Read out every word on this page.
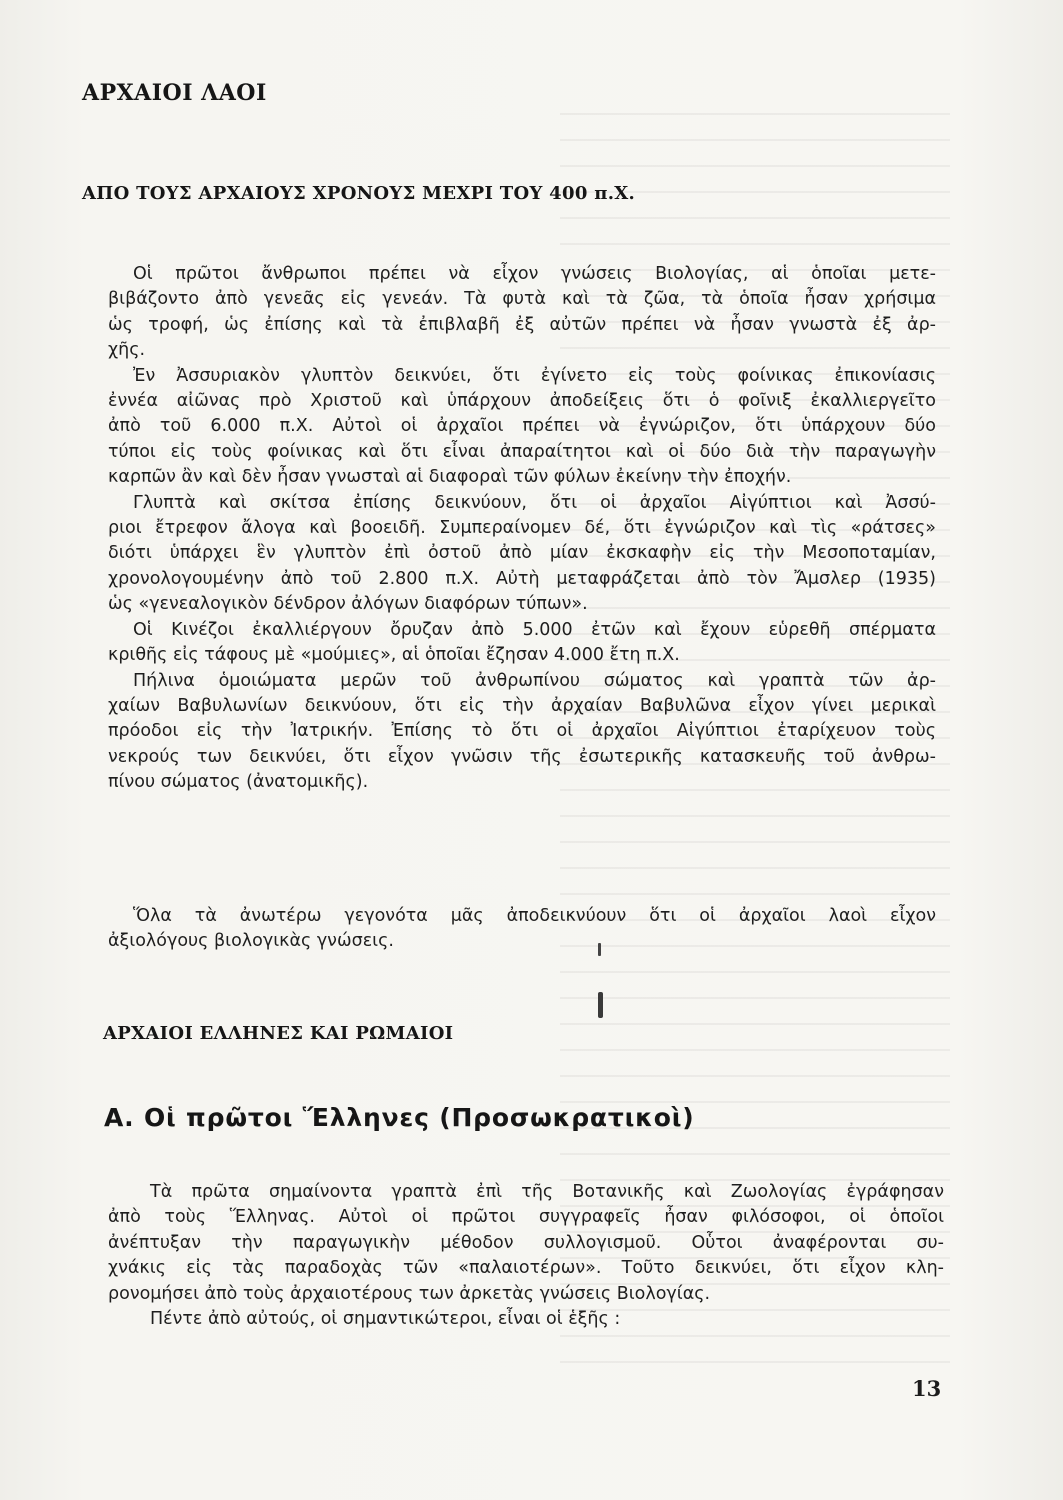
ΑΡΧΑΙΟΙ ΛΑΟΙ
ΑΠΟ ΤΟΥΣ ΑΡΧΑΙΟΥΣ ΧΡΟΝΟΥΣ ΜΕΧΡΙ ΤΟΥ 400 π.Χ.
Οἱ πρῶτοι ἄνθρωποι πρέπει νὰ εἶχον γνώσεις Βιολογίας, αἱ ὁποῖαι μετε-
βιβάζοντο ἀπὸ γενεᾶς εἰς γενεάν. Τὰ φυτὰ καὶ τὰ ζῶα, τὰ ὁποῖα ἦσαν χρήσιμα
ὡς τροφή, ὡς ἐπίσης καὶ τὰ ἐπιβλαβῆ ἐξ αὐτῶν πρέπει νὰ ἦσαν γνωστὰ ἐξ ἀρ-
χῆς.
Ἐν Ἀσσυριακὸν γλυπτὸν δεικνύει, ὅτι ἐγίνετο εἰς τοὺς φοίνικας ἐπικονίασις
ἐννέα αἰῶνας πρὸ Χριστοῦ καὶ ὑπάρχουν ἀποδείξεις ὅτι ὁ φοῖνιξ ἐκαλλιεργεῖτο
ἀπὸ τοῦ 6.000 π.Χ. Αὐτοὶ οἱ ἀρχαῖοι πρέπει νὰ ἐγνώριζον, ὅτι ὑπάρχουν δύο
τύποι εἰς τοὺς φοίνικας καὶ ὅτι εἶναι ἀπαραίτητοι καὶ οἱ δύο διὰ τὴν παραγωγὴν
καρπῶν ἂν καὶ δὲν ἦσαν γνωσταὶ αἱ διαφοραὶ τῶν φύλων ἐκείνην τὴν ἐποχήν.
Γλυπτὰ καὶ σκίτσα ἐπίσης δεικνύουν, ὅτι οἱ ἀρχαῖοι Αἰγύπτιοι καὶ Ἀσσύ-
ριοι ἔτρεφον ἄλογα καὶ βοοειδῆ. Συμπεραίνομεν δέ, ὅτι ἐγνώριζον καὶ τὶς «ράτσες»
διότι ὑπάρχει ἓν γλυπτὸν ἐπὶ ὀστοῦ ἀπὸ μίαν ἐκσκαφὴν εἰς τὴν Μεσοποταμίαν,
χρονολογουμένην ἀπὸ τοῦ 2.800 π.Χ. Αὐτὴ μεταφράζεται ἀπὸ τὸν Ἄμσλερ (1935)
ὡς «γενεαλογικὸν δένδρον ἀλόγων διαφόρων τύπων».
Οἱ Κινέζοι ἐκαλλιέργουν ὄρυζαν ἀπὸ 5.000 ἐτῶν καὶ ἔχουν εὑρεθῆ σπέρματα
κριθῆς εἰς τάφους μὲ «μούμιες», αἱ ὁποῖαι ἔζησαν 4.000 ἔτη π.Χ.
Πήλινα ὁμοιώματα μερῶν τοῦ ἀνθρωπίνου σώματος καὶ γραπτὰ τῶν ἀρ-
χαίων Βαβυλωνίων δεικνύουν, ὅτι εἰς τὴν ἀρχαίαν Βαβυλῶνα εἶχον γίνει μερικαὶ
πρόοδοι εἰς τὴν Ἰατρικήν. Ἐπίσης τὸ ὅτι οἱ ἀρχαῖοι Αἰγύπτιοι ἐταρίχευον τοὺς
νεκρούς των δεικνύει, ὅτι εἶχον γνῶσιν τῆς ἐσωτερικῆς κατασκευῆς τοῦ ἀνθρω-
πίνου σώματος (ἀνατομικῆς).
Ὅλα τὰ ἀνωτέρω γεγονότα μᾶς ἀποδεικνύουν ὅτι οἱ ἀρχαῖοι λαοὶ εἶχον
ἀξιολόγους βιολογικὰς γνώσεις.
ΑΡΧΑΙΟΙ ΕΛΛΗΝΕΣ ΚΑΙ ΡΩΜΑΙΟΙ
Α. Οἱ πρῶτοι Ἕλληνες (Προσωκρατικοὶ)
Τὰ πρῶτα σημαίνοντα γραπτὰ ἐπὶ τῆς Βοτανικῆς καὶ Ζωολογίας ἐγράφησαν
ἀπὸ τοὺς Ἕλληνας. Αὐτοὶ οἱ πρῶτοι συγγραφεῖς ἦσαν φιλόσοφοι, οἱ ὁποῖοι
ἀνέπτυξαν τὴν παραγωγικὴν μέθοδον συλλογισμοῦ. Οὗτοι ἀναφέρονται συ-
χνάκις εἰς τὰς παραδοχὰς τῶν «παλαιοτέρων». Τοῦτο δεικνύει, ὅτι εἶχον κλη-
ρονομήσει ἀπὸ τοὺς ἀρχαιοτέρους των ἀρκετὰς γνώσεις Βιολογίας.
Πέντε ἀπὸ αὐτούς, οἱ σημαντικώτεροι, εἶναι οἱ ἑξῆς :
13
